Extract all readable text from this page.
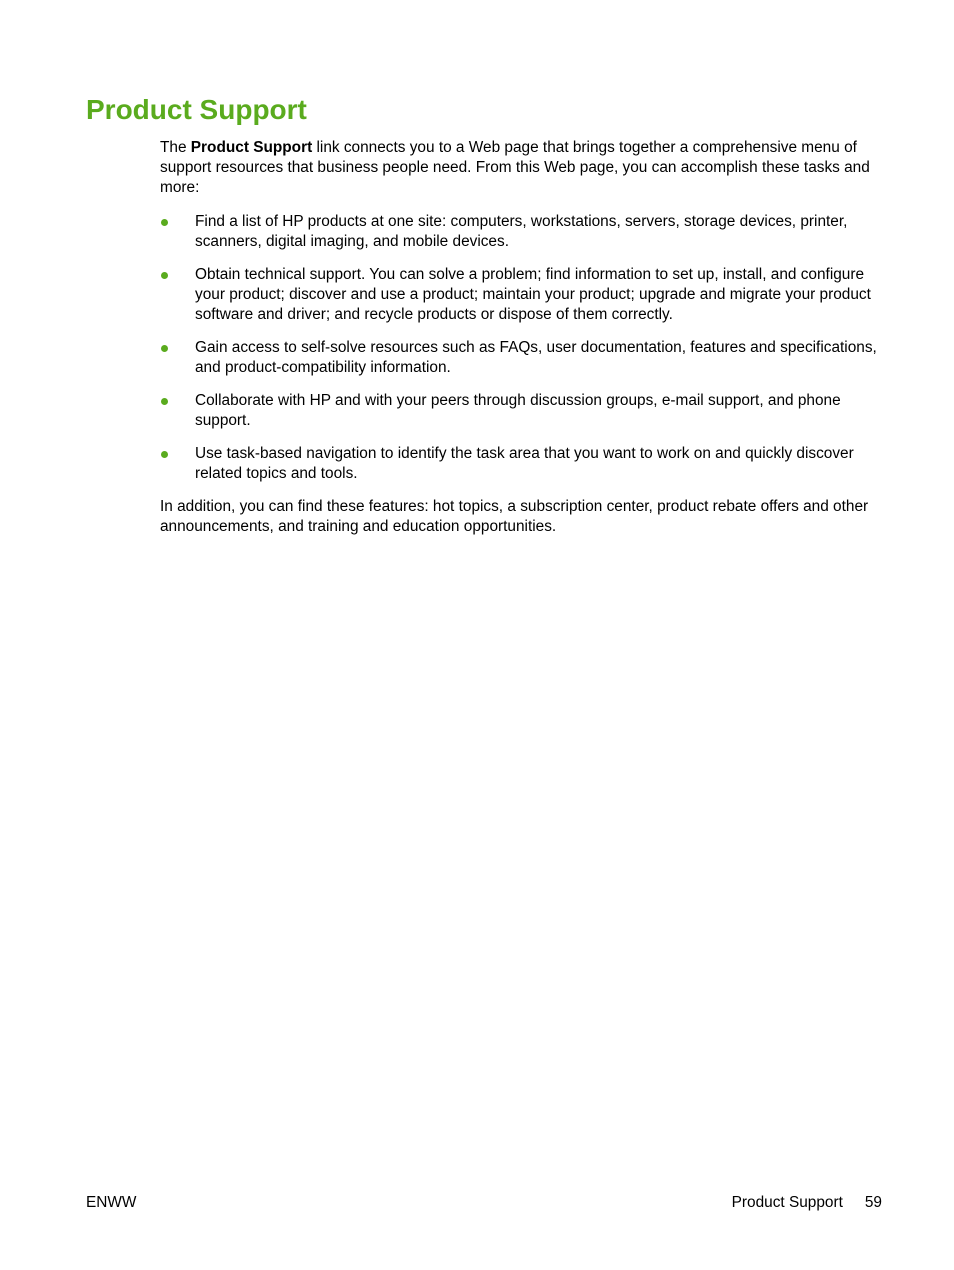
Product Support

The Product Support link connects you to a Web page that brings together a comprehensive menu of support resources that business people need. From this Web page, you can accomplish these tasks and more:

Find a list of HP products at one site: computers, workstations, servers, storage devices, printer, scanners, digital imaging, and mobile devices.
Obtain technical support. You can solve a problem; find information to set up, install, and configure your product; discover and use a product; maintain your product; upgrade and migrate your product software and driver; and recycle products or dispose of them correctly.
Gain access to self-solve resources such as FAQs, user documentation, features and specifications, and product-compatibility information.
Collaborate with HP and with your peers through discussion groups, e-mail support, and phone support.
Use task-based navigation to identify the task area that you want to work on and quickly discover related topics and tools.

In addition, you can find these features: hot topics, a subscription center, product rebate offers and other announcements, and training and education opportunities.

ENWW	Product Support 59
